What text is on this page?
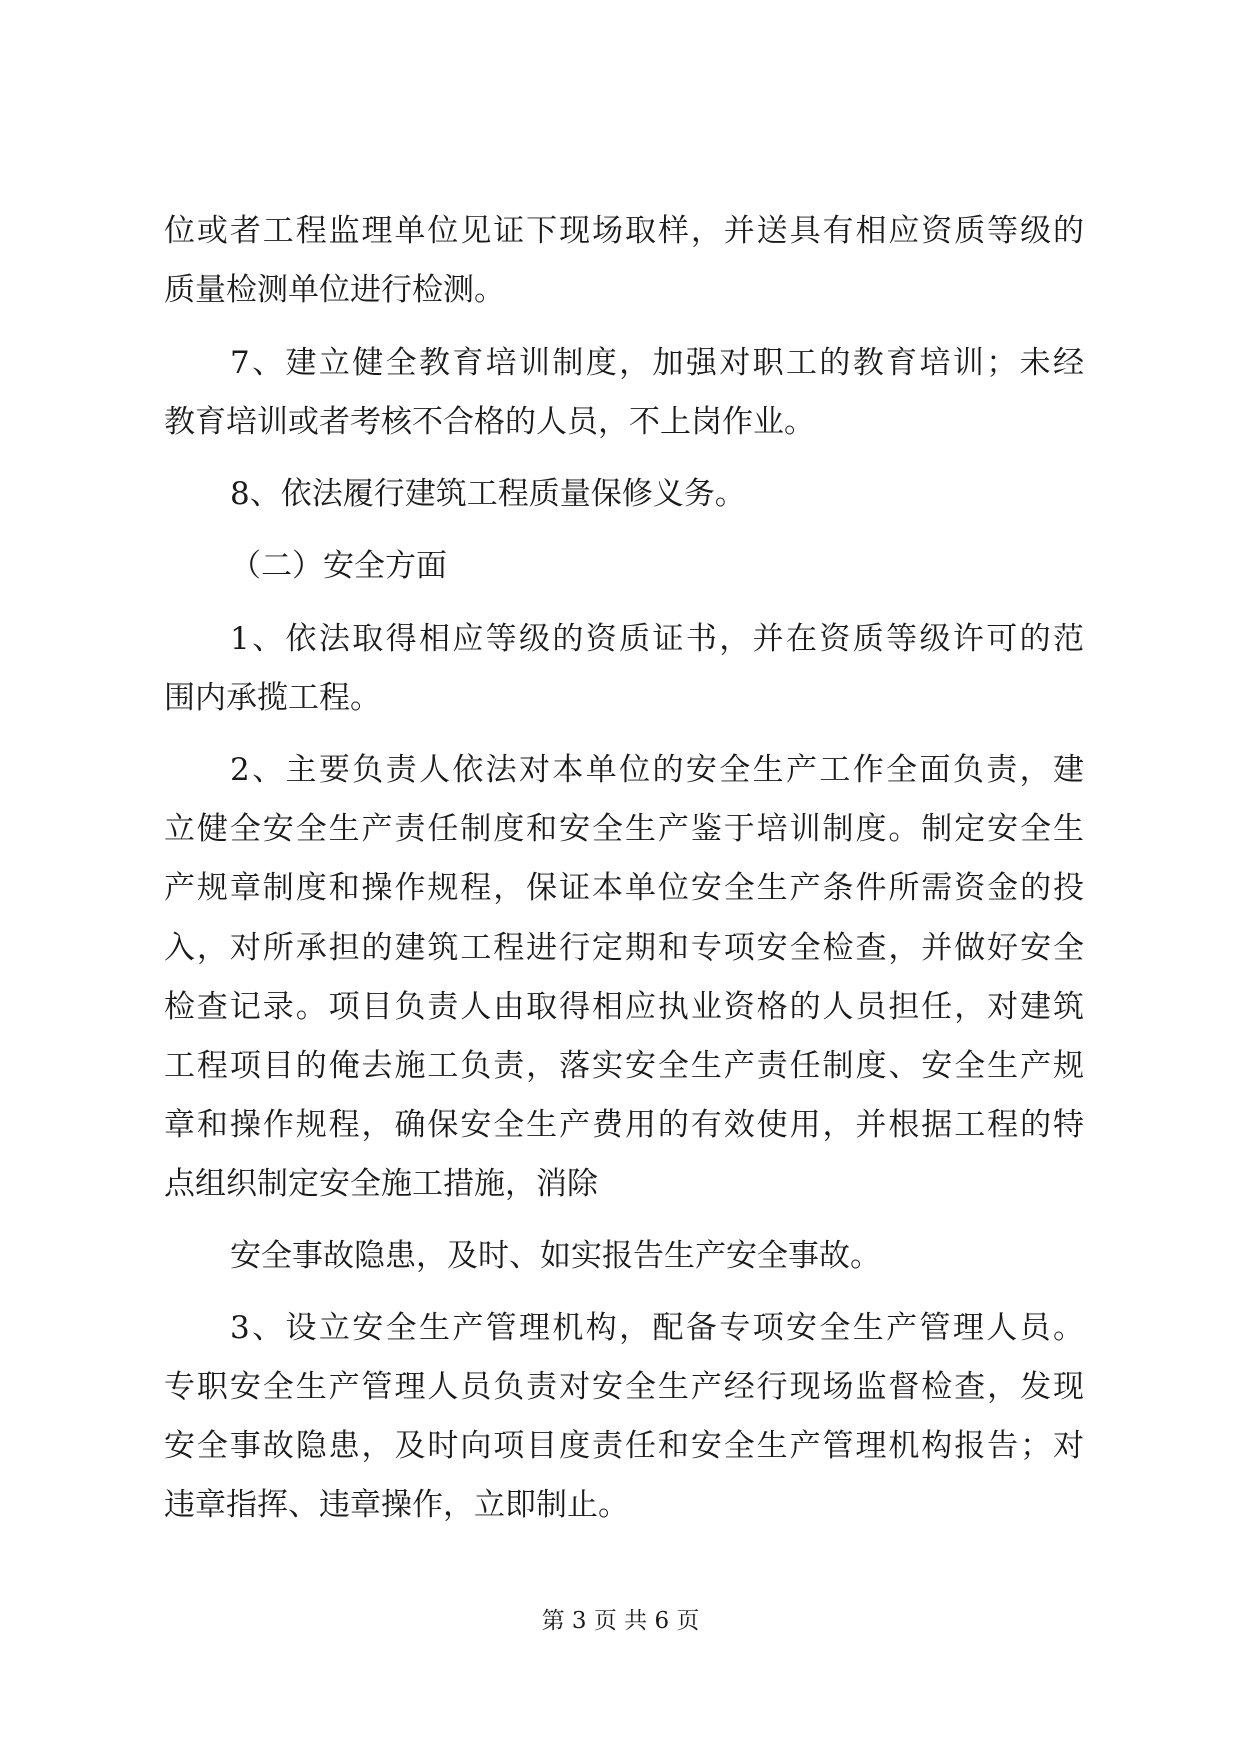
位或者工程监理单位见证下现场取样，并送具有相应资质等级的
质量检测单位进行检测。
7、建立健全教育培训制度，加强对职工的教育培训；未经
教育培训或者考核不合格的人员，不上岗作业。
8、依法履行建筑工程质量保修义务。
（二）安全方面
1、依法取得相应等级的资质证书，并在资质等级许可的范
围内承揽工程。
2、主要负责人依法对本单位的安全生产工作全面负责，建
立健全安全生产责任制度和安全生产鉴于培训制度。制定安全生
产规章制度和操作规程，保证本单位安全生产条件所需资金的投
入，对所承担的建筑工程进行定期和专项安全检查，并做好安全
检查记录。项目负责人由取得相应执业资格的人员担任，对建筑
工程项目的俺去施工负责，落实安全生产责任制度、安全生产规
章和操作规程，确保安全生产费用的有效使用，并根据工程的特
点组织制定安全施工措施，消除
安全事故隐患，及时、如实报告生产安全事故。
3、设立安全生产管理机构，配备专项安全生产管理人员。
专职安全生产管理人员负责对安全生产经行现场监督检查，发现
安全事故隐患，及时向项目度责任和安全生产管理机构报告；对
违章指挥、违章操作，立即制止。
第 3 页 共 6 页
